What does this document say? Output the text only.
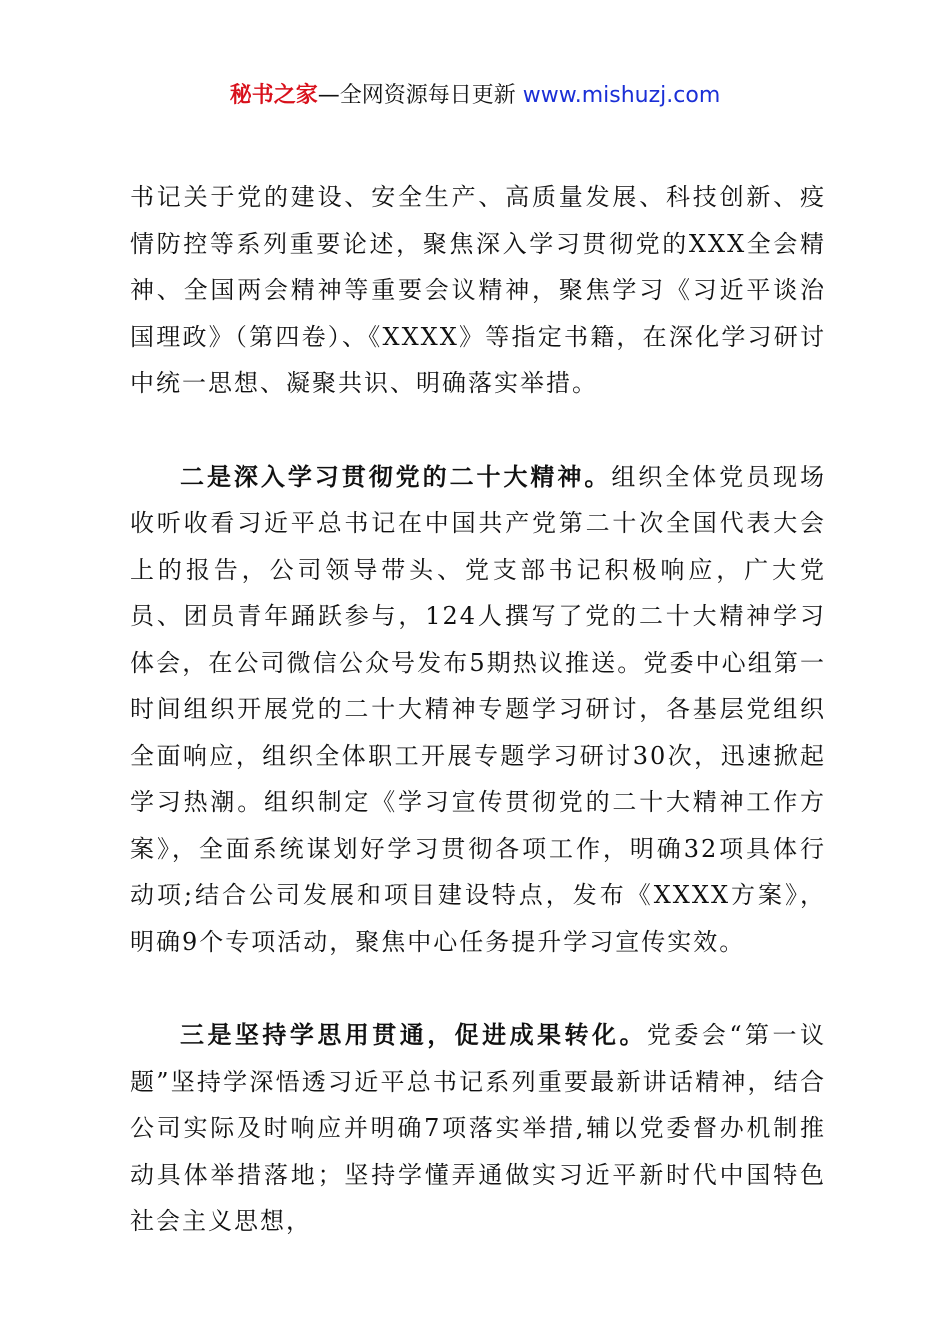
秘书之家—全网资源每日更新 www.mishuzj.com

书记关于党的建设、安全生产、高质量发展、科技创新、疫情防控等系列重要论述，聚焦深入学习贯彻党的XXX全会精神、全国两会精神等重要会议精神，聚焦学习《习近平谈治国理政》（第四卷）、《XXXX》等指定书籍，在深化学习研讨中统一思想、凝聚共识、明确落实举措。

二是深入学习贯彻党的二十大精神。组织全体党员现场收听收看习近平总书记在中国共产党第二十次全国代表大会上的报告，公司领导带头、党支部书记积极响应，广大党员、团员青年踊跃参与，124人撰写了党的二十大精神学习体会，在公司微信公众号发布5期热议推送。党委中心组第一时间组织开展党的二十大精神专题学习研讨，各基层党组织全面响应，组织全体职工开展专题学习研讨30次，迅速掀起学习热潮。组织制定《学习宣传贯彻党的二十大精神工作方案》，全面系统谋划好学习贯彻各项工作，明确32项具体行动项;结合公司发展和项目建设特点，发布《XXXX方案》，明确9个专项活动，聚焦中心任务提升学习宣传实效。

三是坚持学思用贯通，促进成果转化。党委会“第一议题”坚持学深悟透习近平总书记系列重要最新讲话精神，结合公司实际及时响应并明确7项落实举措,辅以党委督办机制推动具体举措落地；坚持学懂弄通做实习近平新时代中国特色社会主义思想，
